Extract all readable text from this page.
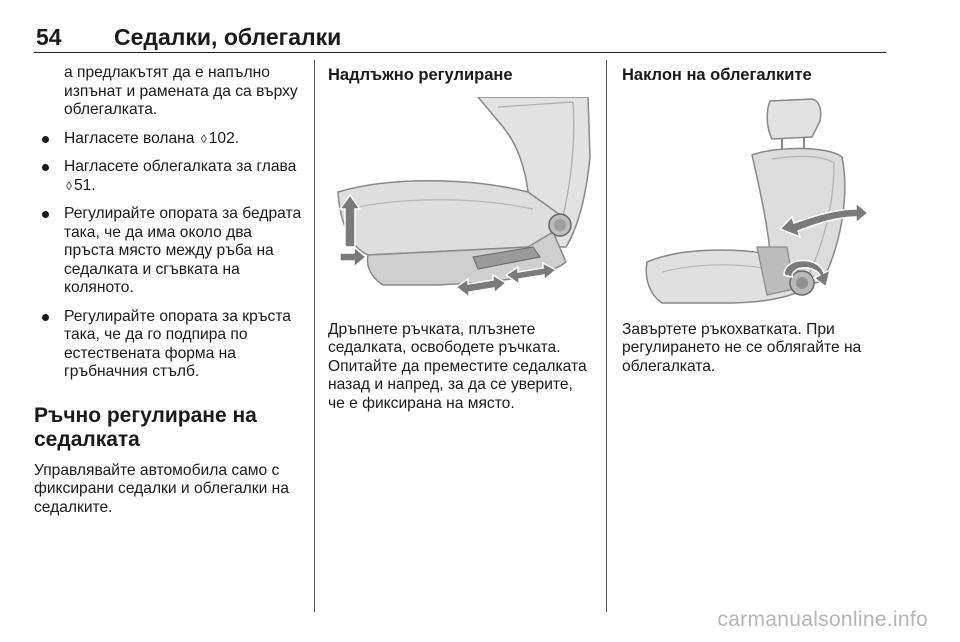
54 Седалки, облегалки

а предлакътят да е напълно изпънат и рамената да са върху облегалката.

Нагласете волана ◊ 102.
Нагласете облегалката за глава ◊ 51.
Регулирайте опората за бедрата така, че да има около два пръста място между ръба на седалката и сгъвката на коляното.
Регулирайте опората за кръста така, че да го подпира по естествената форма на гръбначния стълб.
Ръчно регулиране на седалката

Управлявайте автомобила само с фиксирани седалки и облегалки на седалките.

Надлъжно регулиране

Дръпнете ръчката, плъзнете седалката, освободете ръчката. Опитайте да преместите седалката назад и напред, за да се уверите, че е фиксирана на място.

Наклон на облегалките

Завъртете ръкохватката. При регулирането не се облягайте на облегалката.

carmanualsonline.info
